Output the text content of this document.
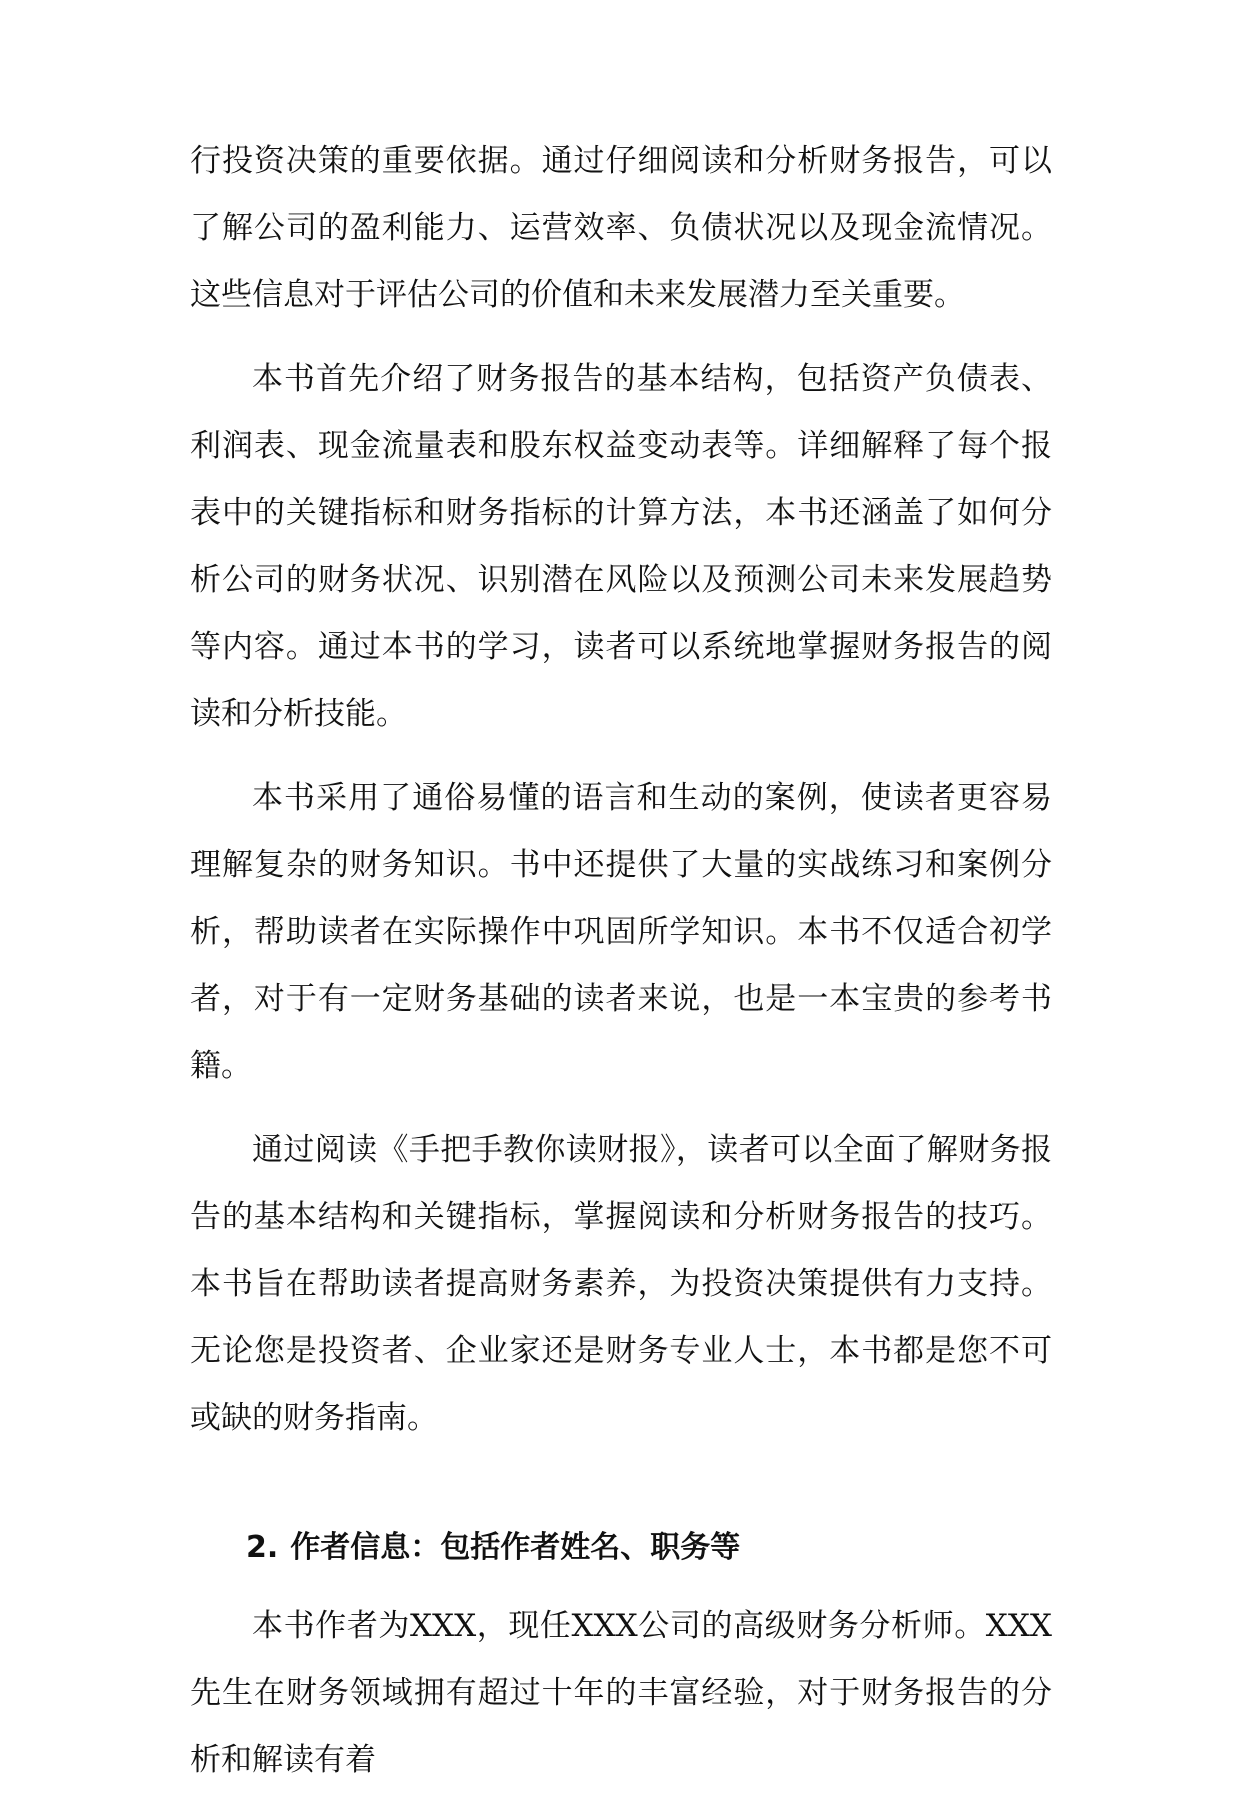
行投资决策的重要依据。通过仔细阅读和分析财务报告，可以了解公司的盈利能力、运营效率、负债状况以及现金流情况。这些信息对于评估公司的价值和未来发展潜力至关重要。

本书首先介绍了财务报告的基本结构，包括资产负债表、利润表、现金流量表和股东权益变动表等。详细解释了每个报表中的关键指标和财务指标的计算方法，本书还涵盖了如何分析公司的财务状况、识别潜在风险以及预测公司未来发展趋势等内容。通过本书的学习，读者可以系统地掌握财务报告的阅读和分析技能。

本书采用了通俗易懂的语言和生动的案例，使读者更容易理解复杂的财务知识。书中还提供了大量的实战练习和案例分析，帮助读者在实际操作中巩固所学知识。本书不仅适合初学者，对于有一定财务基础的读者来说，也是一本宝贵的参考书籍。

通过阅读《手把手教你读财报》，读者可以全面了解财务报告的基本结构和关键指标，掌握阅读和分析财务报告的技巧。本书旨在帮助读者提高财务素养，为投资决策提供有力支持。无论您是投资者、企业家还是财务专业人士，本书都是您不可或缺的财务指南。

2. 作者信息：包括作者姓名、职务等

本书作者为XXX，现任XXX公司的高级财务分析师。XXX先生在财务领域拥有超过十年的丰富经验，对于财务报告的分析和解读有着
